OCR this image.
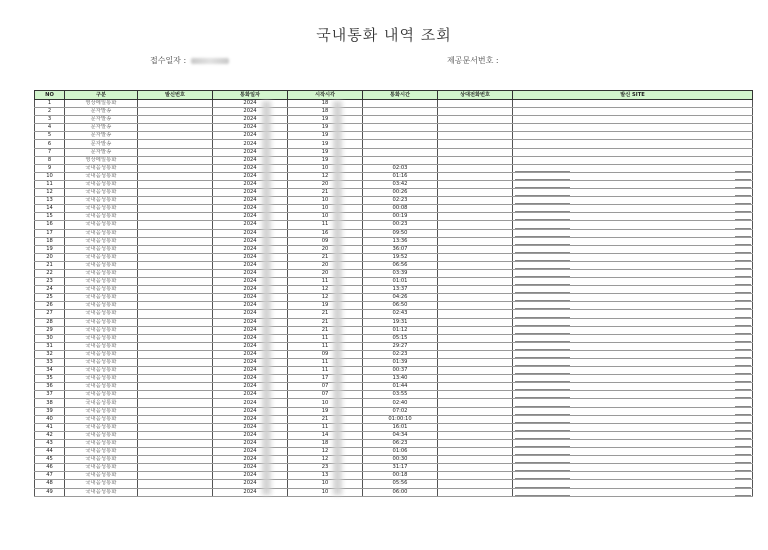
국내통화 내역 조회
접수일자 :	제공문서번호 :
NO	구분	발신번호	통화일자	시작시각	통화시간	상대전화번호	발신 SITE
1	영상메일통화		2024	18			
2	문자발송		2024	18			
3	문자발송		2024	19			
4	문자발송		2024	19			
5	문자발송		2024	19			
6	문자발송		2024	19			
7	문자발송		2024	19			
8	영상메일통화		2024	19			
9	국내음성통화		2024	10	02:03		
10	국내음성통화		2024	12	01:16		
11	국내음성통화		2024	20	03:42		
12	국내음성통화		2024	21	00:26		
13	국내음성통화		2024	10	02:23		
14	국내음성통화		2024	10	00:08		
15	국내음성통화		2024	10	00:19		
16	국내음성통화		2024	11	00:23		
17	국내음성통화		2024	16	09:50		
18	국내음성통화		2024	09	13:36		
19	국내음성통화		2024	20	36:07		
20	국내음성통화		2024	21	19:52		
21	국내음성통화		2024	20	06:56		
22	국내음성통화		2024	20	03:39		
23	국내음성통화		2024	11	01:01		
24	국내음성통화		2024	12	13:37		
25	국내음성통화		2024	12	04:26		
26	국내음성통화		2024	19	06:50		
27	국내음성통화		2024	21	02:43		
28	국내음성통화		2024	21	19:31		
29	국내음성통화		2024	21	01:12		
30	국내음성통화		2024	11	05:15		
31	국내음성통화		2024	11	29:27		
32	국내음성통화		2024	09	02:23		
33	국내음성통화		2024	11	01:39		
34	국내음성통화		2024	11	00:37		
35	국내음성통화		2024	17	13:40		
36	국내음성통화		2024	07	01:44		
37	국내음성통화		2024	07	03:55		
38	국내음성통화		2024	10	02:40		
39	국내음성통화		2024	19	07:02		
40	국내음성통화		2024	21	01:00:10		
41	국내음성통화		2024	11	16:01		
42	국내음성통화		2024	14	04:34		
43	국내음성통화		2024	18	06:23		
44	국내음성통화		2024	12	01:06		
45	국내음성통화		2024	12	00:30		
46	국내음성통화		2024	23	31:17		
47	국내음성통화		2024	13	00:18		
48	국내음성통화		2024	10	05:56		
49	국내음성통화		2024	10	06:00		
